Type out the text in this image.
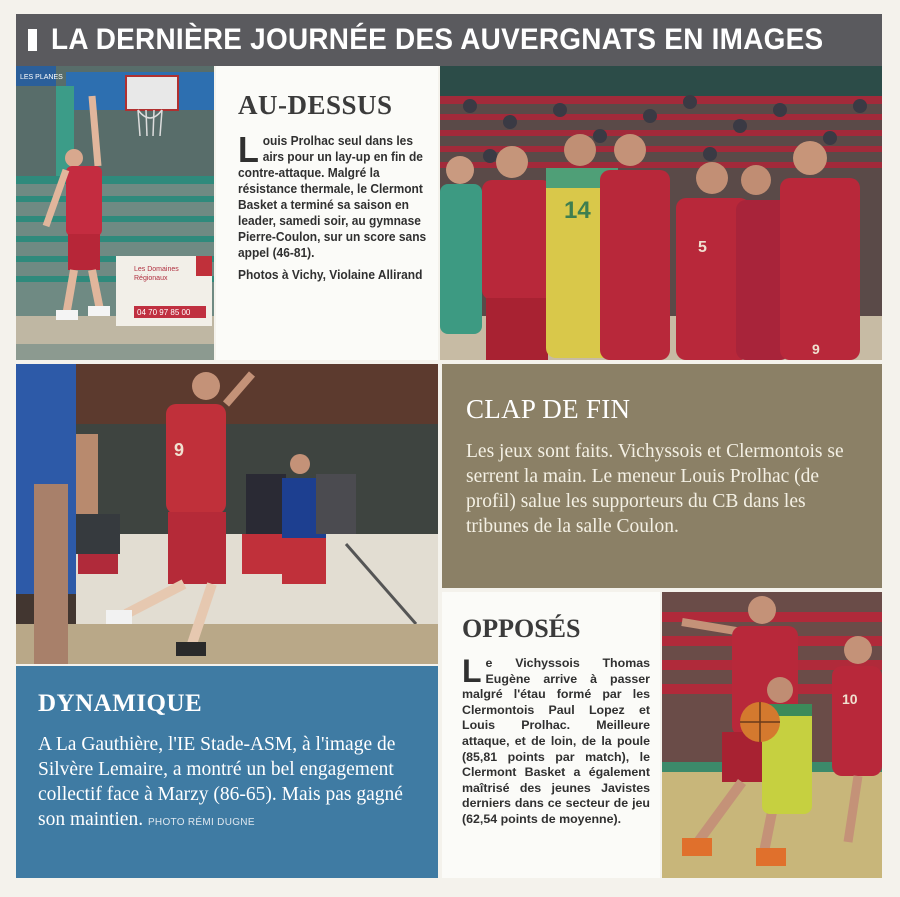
LA DERNIÈRE JOURNÉE DES AUVERGNATS EN IMAGES
LES PLANES
Les Domaines
Régionaux
04 70 97 85 00
AU-DESSUS

Louis Prolhac seul dans les airs pour un lay-up en fin de contre-attaque. Malgré la résistance thermale, le Clermont Basket a terminé sa saison en leader, samedi soir, au gymnase Pierre-Coulon, sur un score sans appel (46-81).

Photos à Vichy, Violaine Allirand

14
5
9
9
CLAP DE FIN

Les jeux sont faits. Vichyssois et Clermontois se serrent la main. Le meneur Louis Prolhac (de profil) salue les supporteurs du CB dans les tribunes de la salle Coulon.

OPPOSÉS

Le Vichyssois Thomas Eugène arrive à passer malgré l'étau formé par les Clermontois Paul Lopez et Louis Prolhac. Meilleure attaque, et de loin, de la poule (85,81 points par match), le Clermont Basket a également maîtrisé des jeunes Javistes derniers dans ce secteur de jeu (62,54 points de moyenne).

10
DYNAMIQUE

A La Gauthière, l'IE Stade-ASM, à l'image de Silvère Lemaire, a montré un bel engagement collectif face à Marzy (86-65). Mais pas gagné son maintien. PHOTO RÉMI DUGNE
